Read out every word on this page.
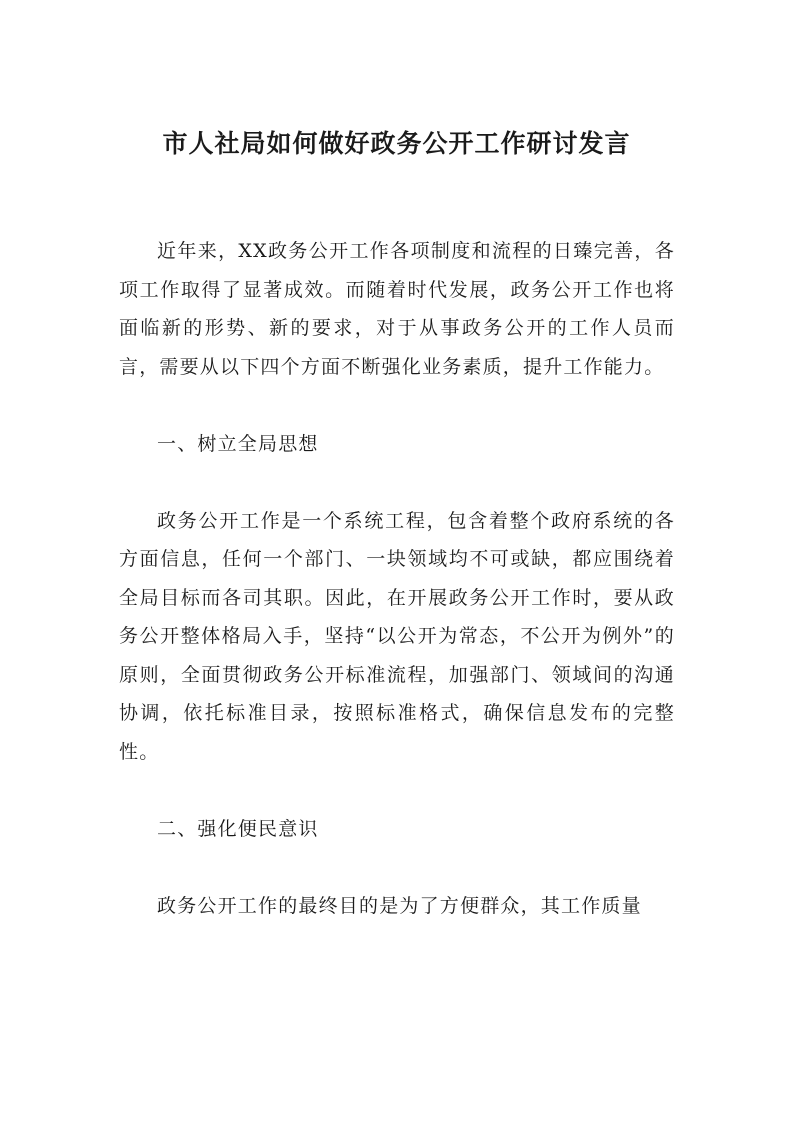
市人社局如何做好政务公开工作研讨发言

近年来，XX政务公开工作各项制度和流程的日臻完善，各项工作取得了显著成效。而随着时代发展，政务公开工作也将面临新的形势、新的要求，对于从事政务公开的工作人员而言，需要从以下四个方面不断强化业务素质，提升工作能力。

一、树立全局思想

政务公开工作是一个系统工程，包含着整个政府系统的各方面信息，任何一个部门、一块领域均不可或缺，都应围绕着全局目标而各司其职。因此，在开展政务公开工作时，要从政务公开整体格局入手，坚持“以公开为常态，不公开为例外”的原则，全面贯彻政务公开标准流程，加强部门、领域间的沟通协调，依托标准目录，按照标准格式，确保信息发布的完整性。

二、强化便民意识

政务公开工作的最终目的是为了方便群众，其工作质量
